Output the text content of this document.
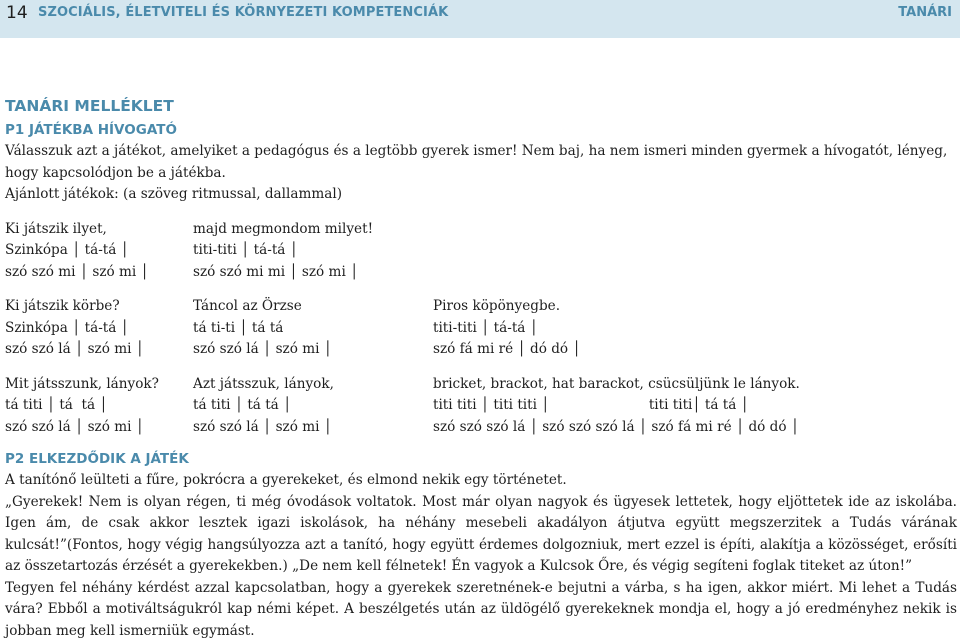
14 SZOCIÁLIS, ÉLETVITELI ÉS KÖRNYEZETI KOMPETENCIÁK	TANÁRI
TANÁRI MELLÉKLET
P1 JÁTÉKBA HÍVOGATÓ
Válasszuk azt a játékot, amelyiket a pedagógus és a legtöbb gyerek ismer! Nem baj, ha nem ismeri minden gyermek a hívogatót, lényeg, hogy kapcsolódjon be a játékba.
Ajánlott játékok: (a szöveg ritmussal, dallammal)
Ki játszik ilyet,	majd megmondom milyet!
Szinkópa │ tá-tá │	titi-titi │ tá-tá │
szó szó mi │ szó mi │	szó szó mi mi │ szó mi │
Ki játszik körbe?	Táncol az Örzse	Piros köpönyegbe.
Szinkópa │ tá-tá │	tá ti-ti │ tá tá	titi-titi │ tá-tá │
szó szó lá │ szó mi │	szó szó lá │ szó mi │	szó fá mi ré │ dó dó │
Mit játsszunk, lányok?	Azt játsszuk, lányok,	bricket, brackot, hat barackot, csücsüljünk le lányok.
tá titi │ tá  tá │	tá titi │ tá tá │	titi titi │ titi titi │                       titi titi│ tá tá │
szó szó lá │ szó mi │	szó szó lá │ szó mi │	szó szó szó lá │ szó szó szó lá │ szó fá mi ré │ dó dó │
P2 ELKEZDŐDIK A JÁTÉK
A tanítónő leülteti a fűre, pokrócra a gyerekeket, és elmond nekik egy történetet.
„Gyerekek! Nem is olyan régen, ti még óvodások voltatok. Most már olyan nagyok és ügyesek lettetek, hogy eljöttetek ide az iskolába. Igen ám, de csak akkor lesztek igazi iskolások, ha néhány mesebeli akadályon átjutva együtt megszerzitek a Tudás várának kulcsát!”(Fontos, hogy végig hangsúlyozza azt a tanító, hogy együtt érdemes dolgozniuk, mert ezzel is építi, alakítja a közösséget, erősíti az összetartozás érzését a gyerekekben.) „De nem kell félnetek! Én vagyok a Kulcsok Őre, és végig segíteni foglak titeket az úton!”
Tegyen fel néhány kérdést azzal kapcsolatban, hogy a gyerekek szeretnének-e bejutni a várba, s ha igen, akkor miért. Mi lehet a Tudás vára? Ebből a motiváltságukról kap némi képet. A beszélgetés után az üldögélő gyerekeknek mondja el, hogy a jó eredményhez nekik is jobban meg kell ismerniük egymást.
